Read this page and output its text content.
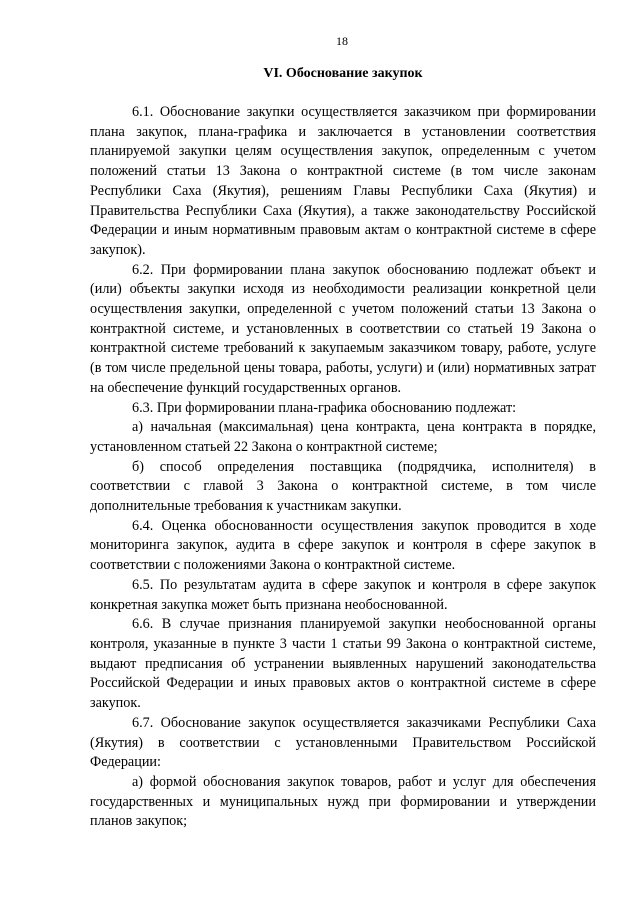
18
VI. Обоснование закупок

6.1. Обоснование закупки осуществляется заказчиком при формировании плана закупок, плана-графика и заключается в установлении соответствия планируемой закупки целям осуществления закупок, определенным с учетом положений статьи 13 Закона о контрактной системе (в том числе законам Республики Саха (Якутия), решениям Главы Республики Саха (Якутия) и Правительства Республики Саха (Якутия), а также законодательству Российской Федерации и иным нормативным правовым актам о контрактной системе в сфере закупок).

6.2. При формировании плана закупок обоснованию подлежат объект и (или) объекты закупки исходя из необходимости реализации конкретной цели осуществления закупки, определенной с учетом положений статьи 13 Закона о контрактной системе, и установленных в соответствии со статьей 19 Закона о контрактной системе требований к закупаемым заказчиком товару, работе, услуге (в том числе предельной цены товара, работы, услуги) и (или) нормативных затрат на обеспечение функций государственных органов.

6.3. При формировании плана-графика обоснованию подлежат:

а) начальная (максимальная) цена контракта, цена контракта в порядке, установленном статьей 22 Закона о контрактной системе;

б) способ определения поставщика (подрядчика, исполнителя) в соответствии с главой 3 Закона о контрактной системе, в том числе дополнительные требования к участникам закупки.

6.4. Оценка обоснованности осуществления закупок проводится в ходе мониторинга закупок, аудита в сфере закупок и контроля в сфере закупок в соответствии с положениями Закона о контрактной системе.

6.5. По результатам аудита в сфере закупок и контроля в сфере закупок конкретная закупка может быть признана необоснованной.

6.6. В случае признания планируемой закупки необоснованной органы контроля, указанные в пункте 3 части 1 статьи 99 Закона о контрактной системе, выдают предписания об устранении выявленных нарушений законодательства Российской Федерации и иных правовых актов о контрактной системе в сфере закупок.

6.7. Обоснование закупок осуществляется заказчиками Республики Саха (Якутия) в соответствии с установленными Правительством Российской Федерации:

а) формой обоснования закупок товаров, работ и услуг для обеспечения государственных и муниципальных нужд при формировании и утверждении планов закупок;
